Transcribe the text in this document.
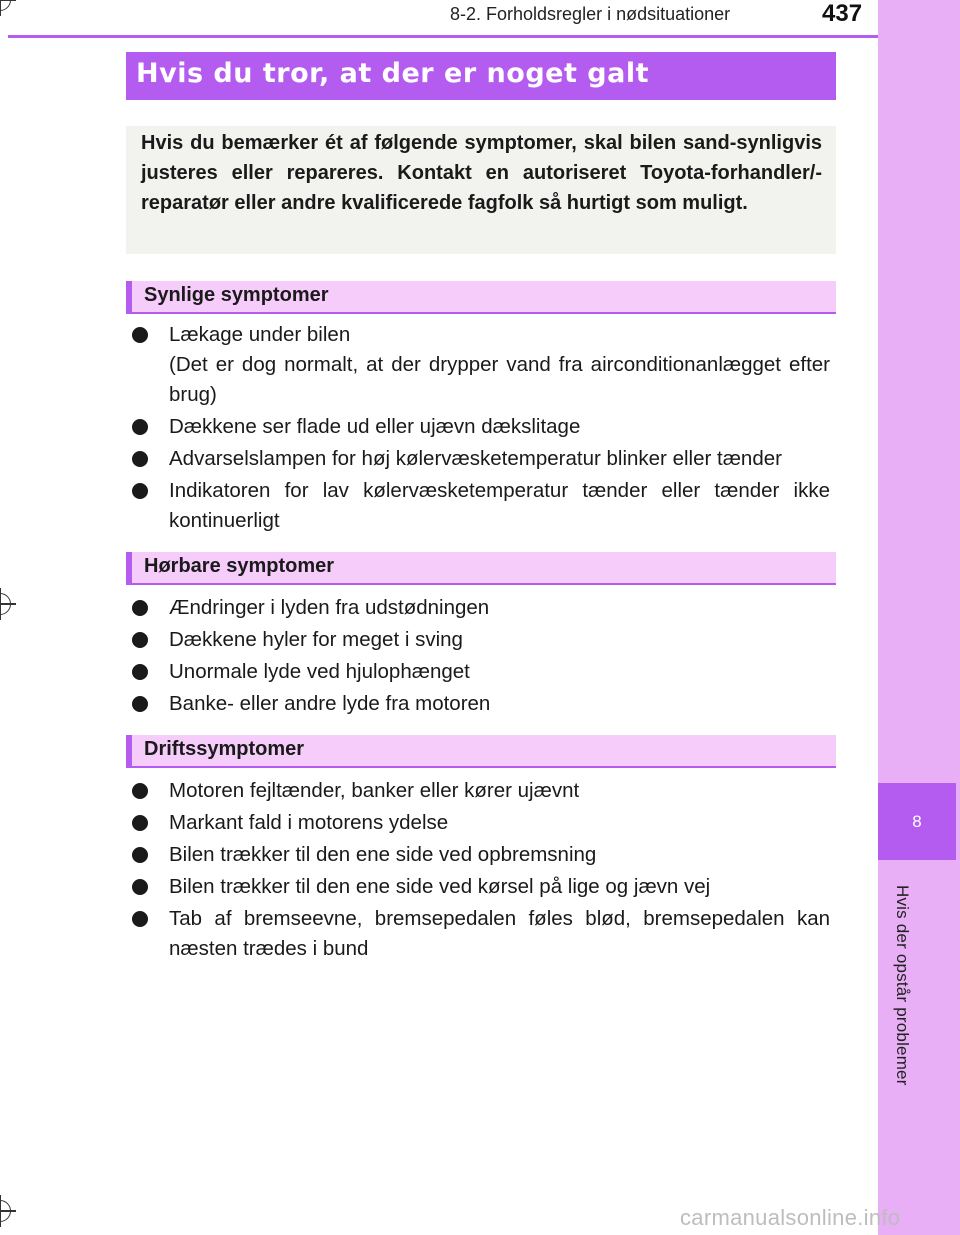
8
Hvis der opstår problemer
8-2. Forholdsregler i nødsituationer	437
Hvis du tror, at der er noget galt

Hvis du bemærker ét af følgende symptomer, skal bilen sand-synligvis justeres eller repareres. Kontakt en autoriseret Toyota-forhandler/-reparatør eller andre kvalificerede fagfolk så hurtigt som muligt.

Synlige symptomer
Lækage under bilen
(Det er dog normalt, at der drypper vand fra airconditionanlægget efter brug)
Dækkene ser flade ud eller ujævn dækslitage
Advarselslampen for høj kølervæsketemperatur blinker eller tænder
Indikatoren for lav kølervæsketemperatur tænder eller tænder ikke kontinuerligt
Hørbare symptomer
Ændringer i lyden fra udstødningen
Dækkene hyler for meget i sving
Unormale lyde ved hjulophænget
Banke- eller andre lyde fra motoren
Driftssymptomer
Motoren fejltænder, banker eller kører ujævnt
Markant fald i motorens ydelse
Bilen trækker til den ene side ved opbremsning
Bilen trækker til den ene side ved kørsel på lige og jævn vej
Tab af bremseevne, bremsepedalen føles blød, bremsepedalen kan næsten trædes i bund
carmanualsonline.info
